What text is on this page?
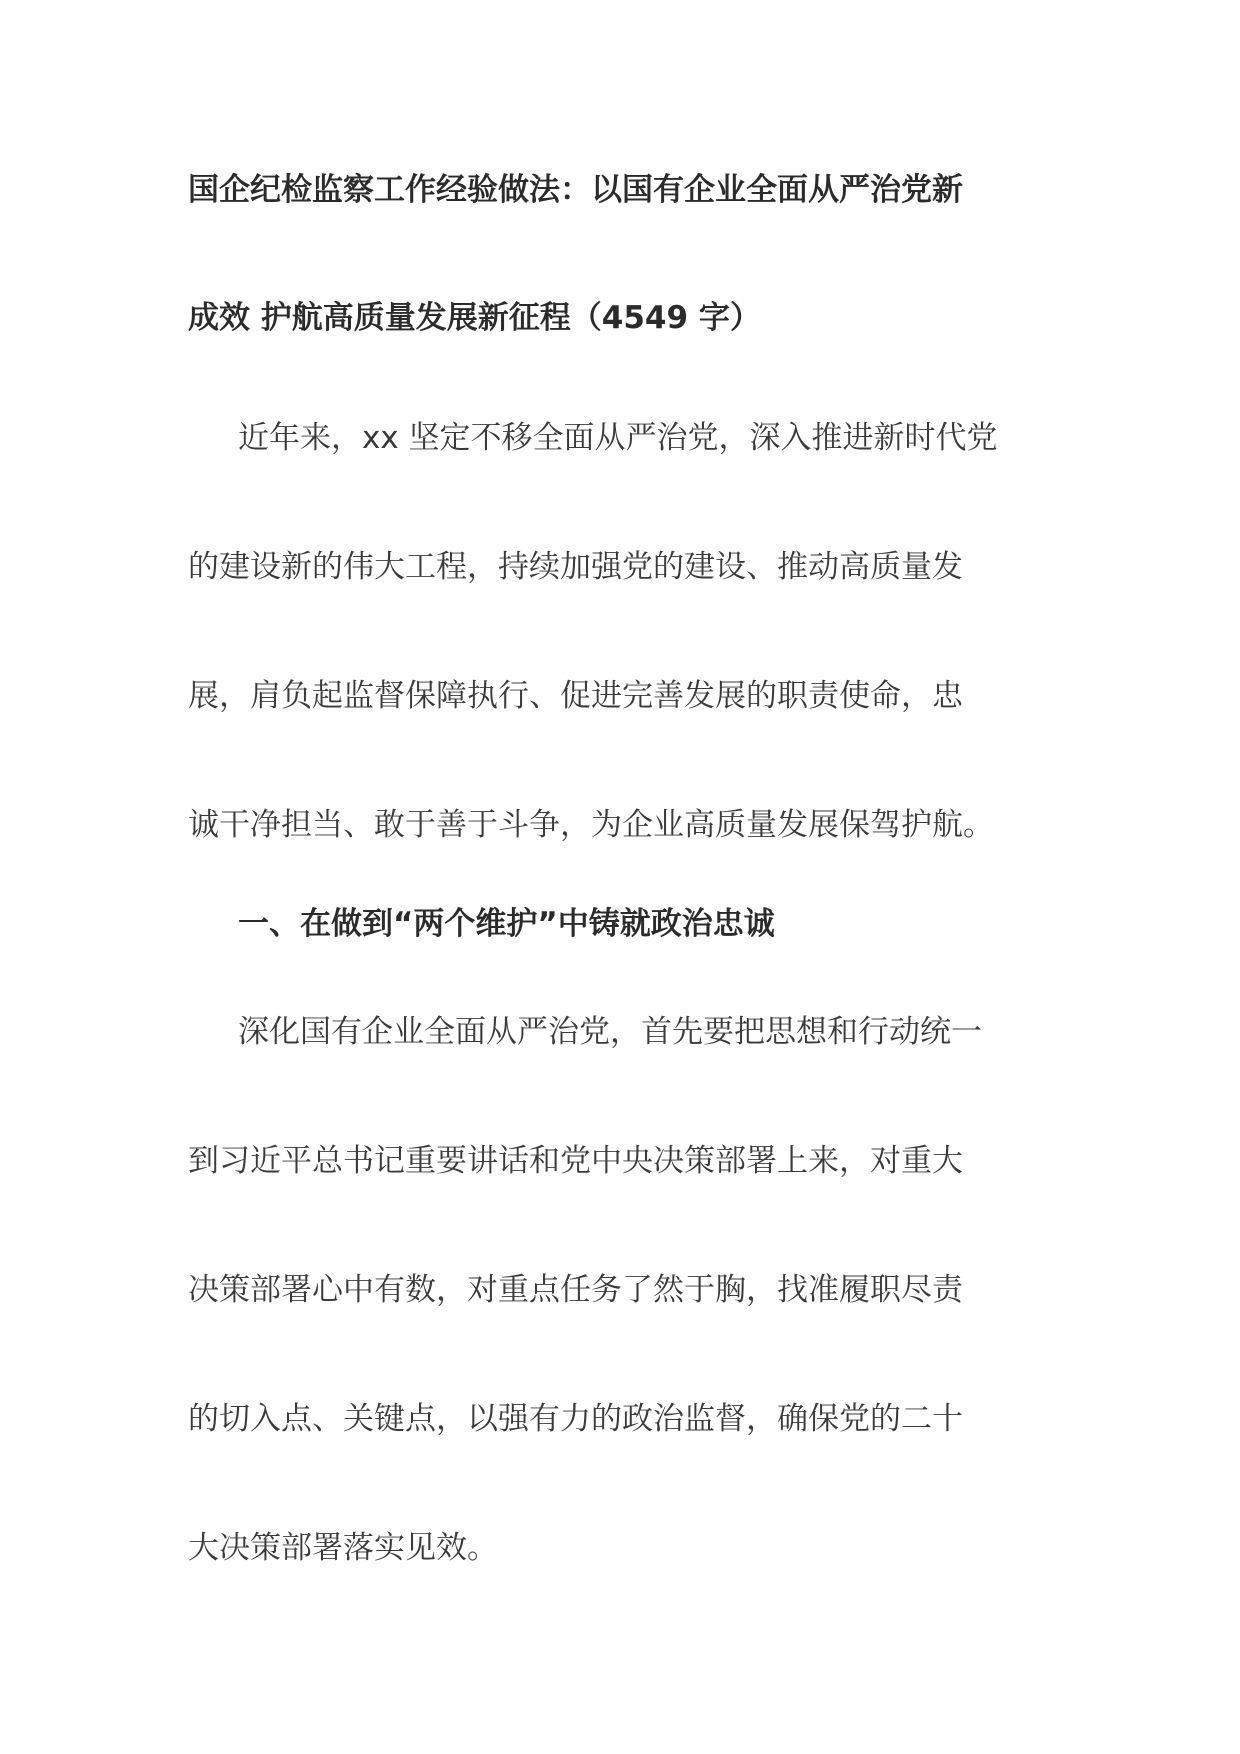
国企纪检监察工作经验做法：以国有企业全面从严治党新
成效 护航高质量发展新征程（4549 字）

近年来，xx 坚定不移全面从严治党，深入推进新时代党
的建设新的伟大工程，持续加强党的建设、推动高质量发
展，肩负起监督保障执行、促进完善发展的职责使命，忠
诚干净担当、敢于善于斗争，为企业高质量发展保驾护航。

一、在做到“两个维护”中铸就政治忠诚

深化国有企业全面从严治党，首先要把思想和行动统一
到习近平总书记重要讲话和党中央决策部署上来，对重大
决策部署心中有数，对重点任务了然于胸，找准履职尽责
的切入点、关键点，以强有力的政治监督，确保党的二十
大决策部署落实见效。
